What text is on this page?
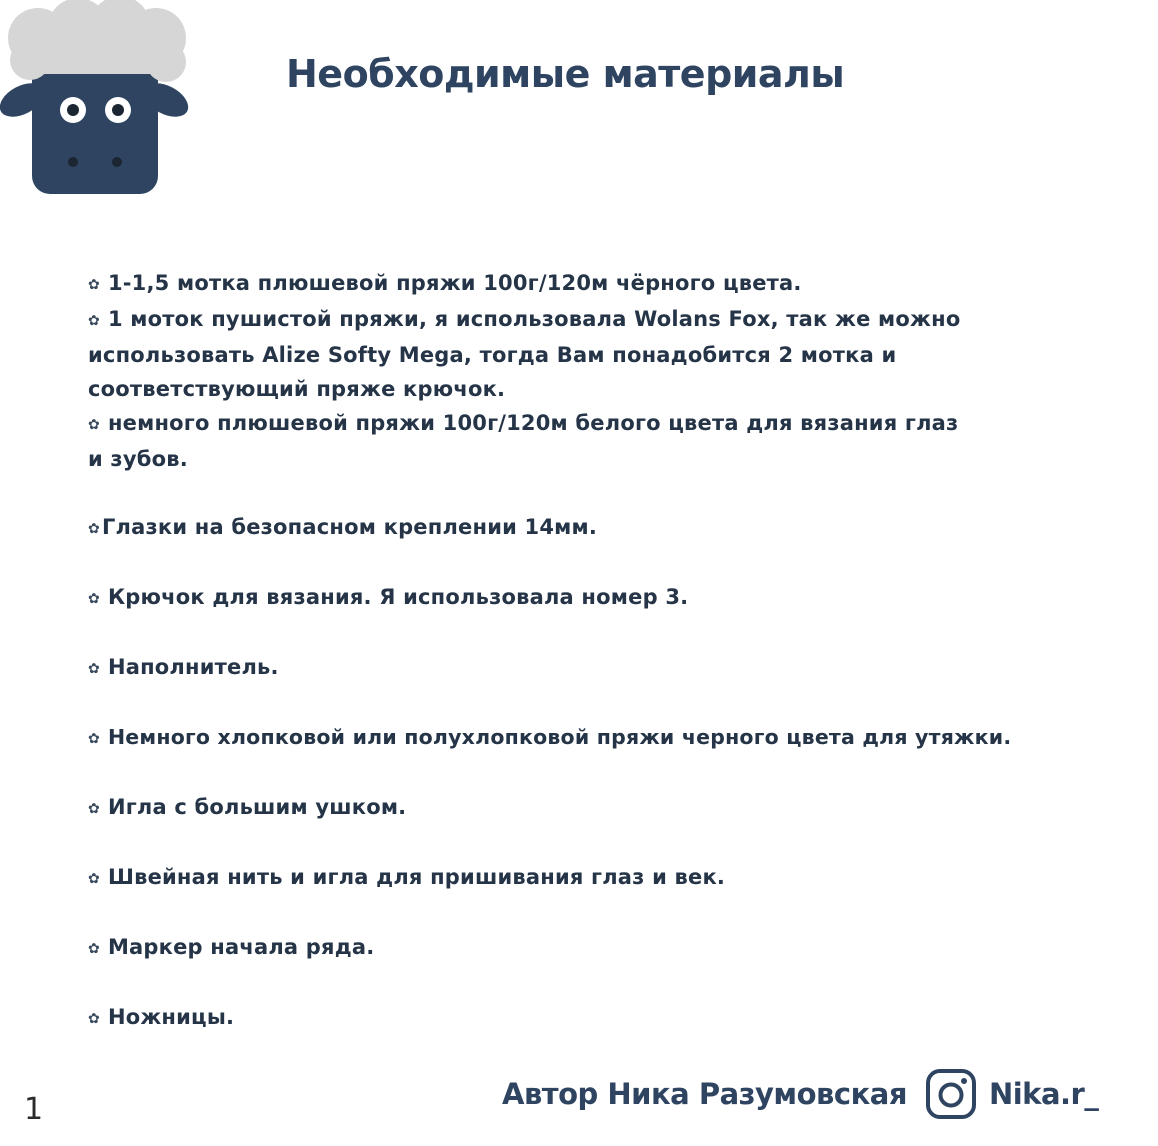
Необходимые материалы

✿ 1-1,5 мотка плюшевой пряжи 100г/120м чёрного цвета.

✿ 1 моток пушистой пряжи, я использовала Wolans Fox, так же можно

использовать Alize Softy Mega, тогда Вам понадобится 2 мотка и

соответствующий пряже крючок.

✿ немного плюшевой пряжи 100г/120м белого цвета для вязания глаз

и зубов.

✿Глазки на безопасном креплении 14мм.

✿ Крючок для вязания. Я использовала номер 3.

✿ Наполнитель.

✿ Немного хлопковой или полухлопковой пряжи черного цвета для утяжки.

✿ Игла с большим ушком.

✿ Швейная нить и игла для пришивания глаз и век.

✿ Маркер начала ряда.

✿ Ножницы.

1	Автор Ника Разумовская	Nika.r_
